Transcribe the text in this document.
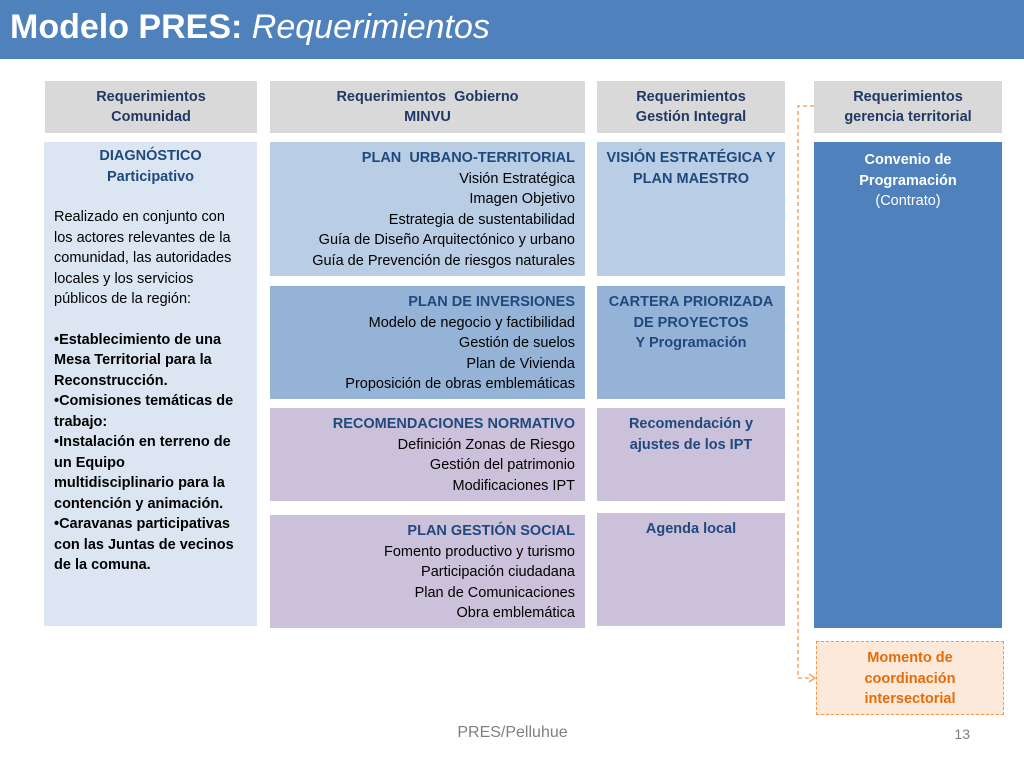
Modelo PRES: Requerimientos
Requerimientos
Comunidad
Requerimientos  Gobierno
MINVU
Requerimientos
Gestión Integral
Requerimientos
gerencia territorial
DIAGNÓSTICO
Participativo

Realizado en conjunto con los actores relevantes de la comunidad, las autoridades locales y los servicios públicos de la región:

•Establecimiento de una Mesa Territorial para la Reconstrucción.

•Comisiones temáticas de trabajo:

•Instalación en terreno de un Equipo multidisciplinario para la contención y animación.

•Caravanas participativas con las Juntas de vecinos de la comuna.

PLAN  URBANO-TERRITORIAL
Visión Estratégica
Imagen Objetivo
Estrategia de sustentabilidad
Guía de Diseño Arquitectónico y urbano
Guía de Prevención de riesgos naturales
PLAN DE INVERSIONES
Modelo de negocio y factibilidad
Gestión de suelos
Plan de Vivienda
Proposición de obras emblemáticas
RECOMENDACIONES NORMATIVO
Definición Zonas de Riesgo
Gestión del patrimonio
Modificaciones IPT
PLAN GESTIÓN SOCIAL
Fomento productivo y turismo
Participación ciudadana
Plan de Comunicaciones
Obra emblemática
VISIÓN ESTRATÉGICA Y
PLAN MAESTRO
CARTERA PRIORIZADA
DE PROYECTOS
Y Programación
Recomendación y
ajustes de los IPT
Agenda local
Convenio de
Programación
(Contrato)
Momento de
coordinación
intersectorial
PRES/Pelluhue	13
